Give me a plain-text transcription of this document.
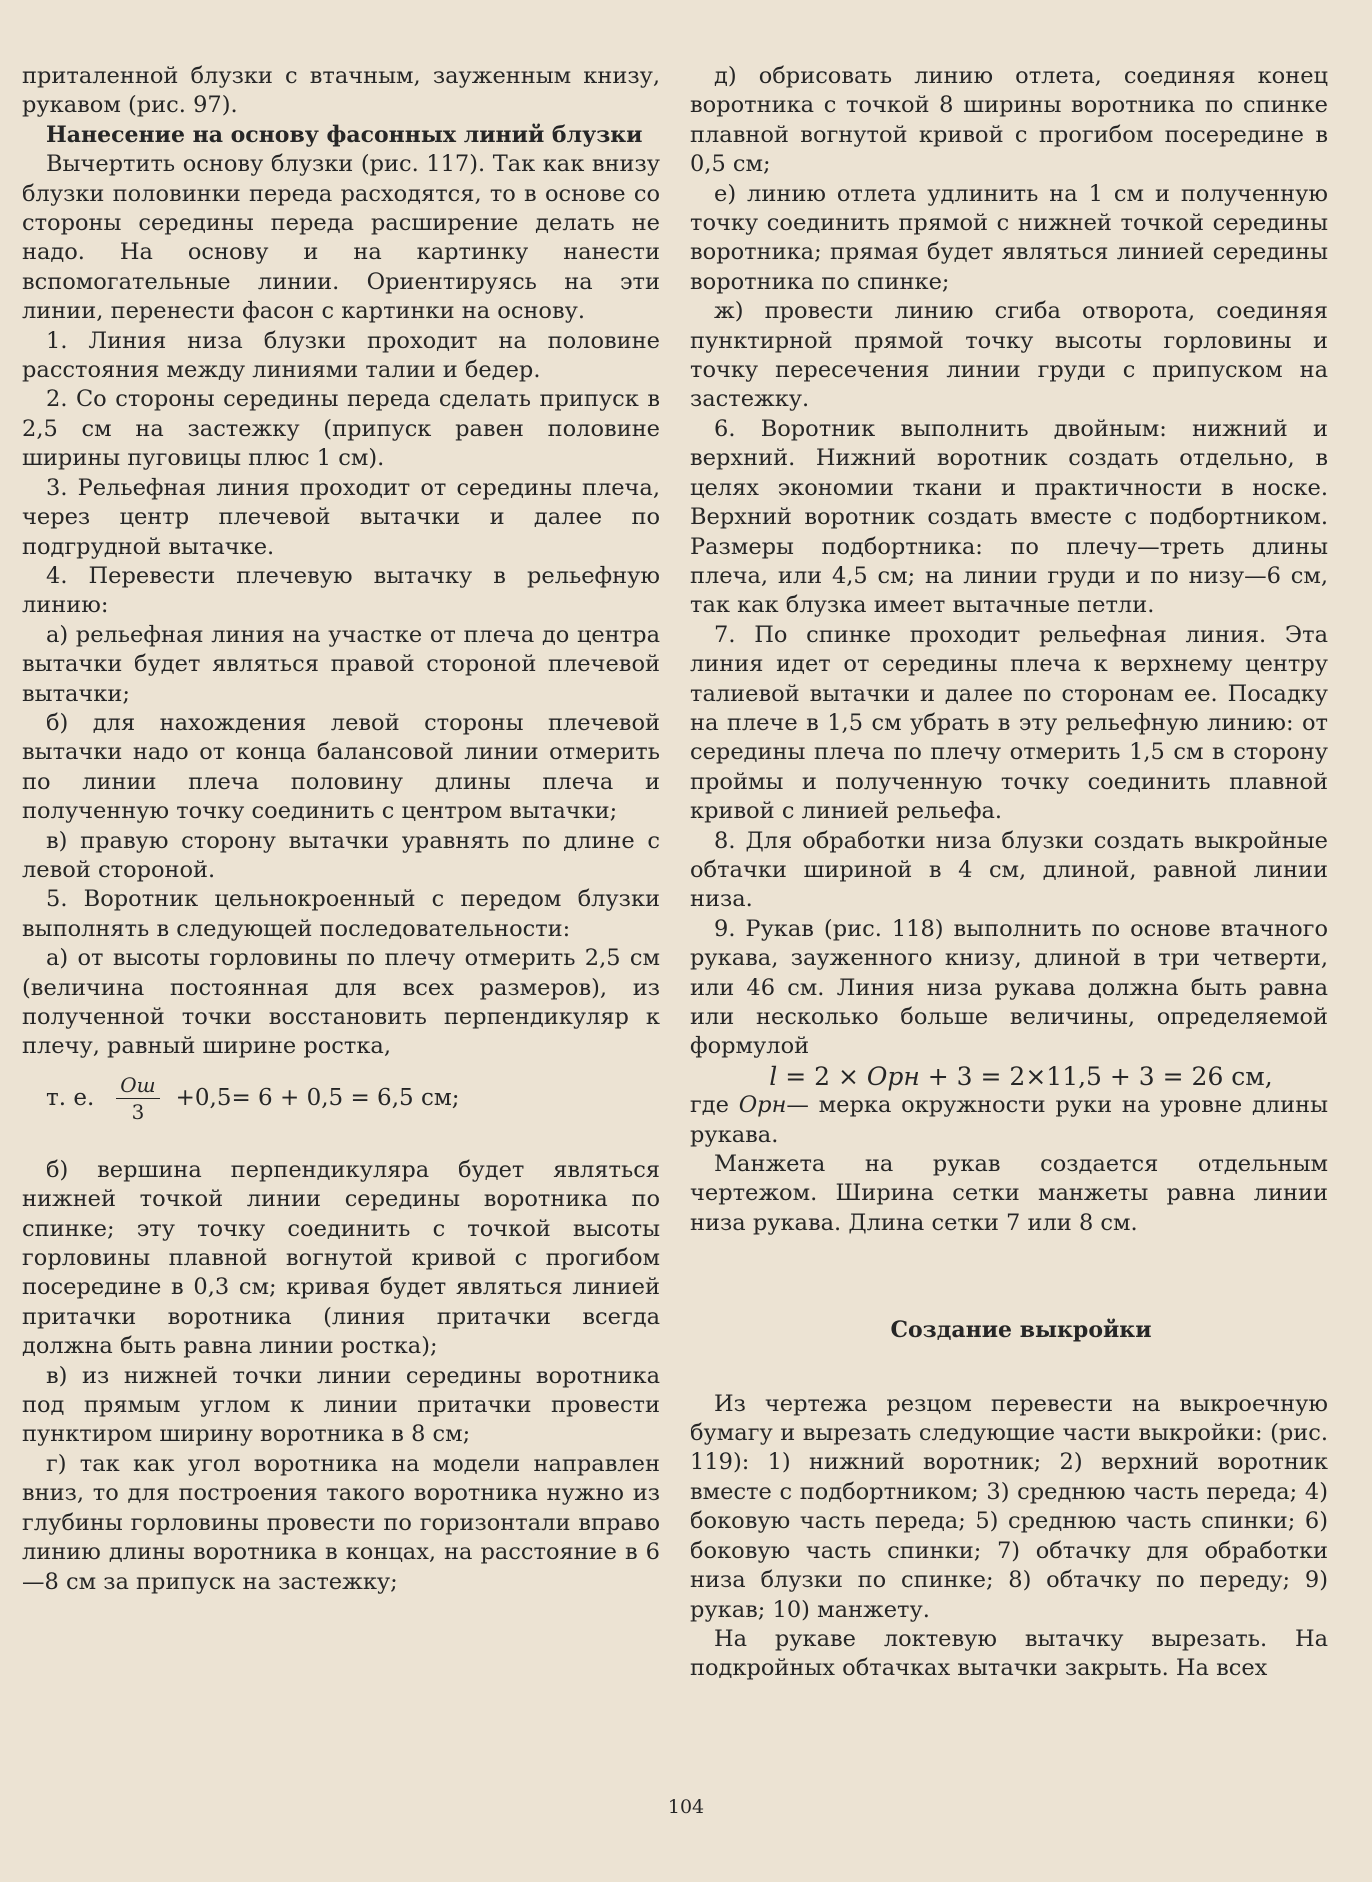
приталенной блузки с втачным, зауженным книзу, рукавом (рис. 97).

Нанесение на основу фасонных линий блузки

Вычертить основу блузки (рис. 117). Так как внизу блузки половинки переда расходятся, то в основе со стороны середины переда расширение делать не надо. На основу и на картинку нанести вспомогательные линии. Ориентируясь на эти линии, перенести фасон с картинки на основу.

1. Линия низа блузки проходит на половине расстояния между линиями талии и бедер.

2. Со стороны середины переда сделать припуск в 2,5 см на застежку (припуск равен половине ширины пуговицы плюс 1 см).

3. Рельефная линия проходит от середины плеча, через центр плечевой вытачки и далее по подгрудной вытачке.

4. Перевести плечевую вытачку в рельефную линию:

а) рельефная линия на участке от плеча до центра вытачки будет являться правой стороной плечевой вытачки;

б) для нахождения левой стороны плечевой вытачки надо от конца балансовой линии отмерить по линии плеча половину длины плеча и полученную точку соединить с центром вытачки;

в) правую сторону вытачки уравнять по длине с левой стороной.

5. Воротник цельнокроенный с передом блузки выполнять в следующей последовательности:

а) от высоты горловины по плечу отмерить 2,5 см (величина постоянная для всех размеров), из полученной точки восстановить перпендикуляр к плечу, равный ширине ростка,

т. е. $\frac{Ош}{3} +0,5= 6 + 0,5 = 6,5$ см;

б) вершина перпендикуляра будет являться нижней точкой линии середины воротника по спинке; эту точку соединить с точкой высоты горловины плавной вогнутой кривой с прогибом посередине в 0,3 см; кривая будет являться линией притачки воротника (линия притачки всегда должна быть равна линии ростка);

в) из нижней точки линии середины воротника под прямым углом к линии притачки провести пунктиром ширину воротника в 8 см;

г) так как угол воротника на модели направлен вниз, то для построения такого воротника нужно из глубины горловины провести по горизонтали вправо линию длины воротника в концах, на расстояние в 6—8 см за припуск на застежку;

д) обрисовать линию отлета, соединяя конец воротника с точкой 8 ширины воротника по спинке плавной вогнутой кривой с прогибом посередине в 0,5 см;

е) линию отлета удлинить на 1 см и полученную точку соединить прямой с нижней точкой середины воротника; прямая будет являться линией середины воротника по спинке;

ж) провести линию сгиба отворота, соединяя пунктирной прямой точку высоты горловины и точку пересечения линии груди с припуском на застежку.

6. Воротник выполнить двойным: нижний и верхний. Нижний воротник создать отдельно, в целях экономии ткани и практичности в носке. Верхний воротник создать вместе с подбортником. Размеры подбортника: по плечу—треть длины плеча, или 4,5 см; на линии груди и по низу—6 см, так как блузка имеет вытачные петли.

7. По спинке проходит рельефная линия. Эта линия идет от середины плеча к верхнему центру талиевой вытачки и далее по сторонам ее. Посадку на плече в 1,5 см убрать в эту рельефную линию: от середины плеча по плечу отмерить 1,5 см в сторону проймы и полученную точку соединить плавной кривой с линией рельефа.

8. Для обработки низа блузки создать выкройные обтачки шириной в 4 см, длиной, равной линии низа.

9. Рукав (рис. 118) выполнить по основе втачного рукава, зауженного книзу, длиной в три четверти, или 46 см. Линия низа рукава должна быть равна или несколько больше величины, определяемой формулой

l = 2 × Орн + 3 = 2×11,5 + 3 = 26 см,

где Орн— мерка окружности руки на уровне длины рукава.

Манжета на рукав создается отдельным чертежом. Ширина сетки манжеты равна линии низа рукава. Длина сетки 7 или 8 см.

Создание выкройки

Из чертежа резцом перевести на выкроечную бумагу и вырезать следующие части выкройки: (рис. 119): 1) нижний воротник; 2) верхний воротник вместе с подбортником; 3) среднюю часть переда; 4) боковую часть переда; 5) среднюю часть спинки; 6) боковую часть спинки; 7) обтачку для обработки низа блузки по спинке; 8) обтачку по переду; 9) рукав; 10) манжету.

На рукаве локтевую вытачку вырезать. На подкройных обтачках вытачки закрыть. На всех

104
